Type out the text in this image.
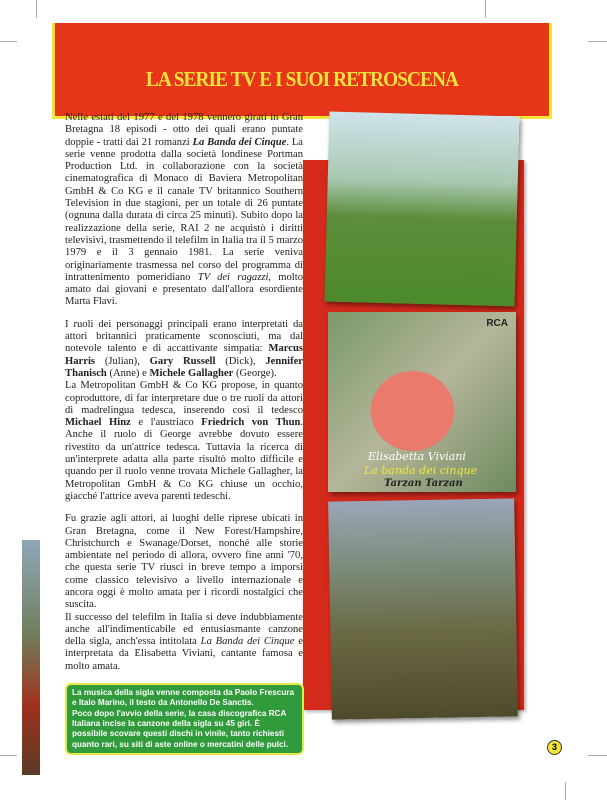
LA SERIE TV E I SUOI RETROSCENA

Nelle estati del 1977 e del 1978 vennero girati in Gran Bretagna 18 episodi - otto dei quali erano puntate doppie - tratti dai 21 romanzi La Banda dei Cinque. La serie venne prodotta dalla società londinese Portman Production Ltd. in collaborazione con la società cinematografica di Monaco di Baviera Metropolitan GmbH & Co KG e il canale TV britannico Southern Television in due stagioni, per un totale di 26 puntate (ognuna dalla durata di circa 25 minuti). Subito dopo la realizzazione della serie, RAI 2 ne acquistò i diritti televisivi, trasmettendo il telefilm in Italia tra il 5 marzo 1979 e il 3 gennaio 1981. La serie veniva originariamente trasmessa nel corso del programma di intrattenimento pomeridiano TV dei ragazzi, molto amato dai giovani e presentato dall'allora esordiente Marta Flavi.

I ruoli dei personaggi principali erano interpretati da attori britannici praticamente sconosciuti, ma dal notevole talento e di accattivante simpatia: Marcus Harris (Julian), Gary Russell (Dick), Jennifer Thanisch (Anne) e Michele Gallagher (George).

La Metropolitan GmbH & Co KG propose, in quanto coproduttore, di far interpretare due o tre ruoli da attori di madrelingua tedesca, inserendo così il tedesco Michael Hinz e l'austriaco Friedrich von Thun. Anche il ruolo di George avrebbe dovuto essere rivestito da un'attrice tedesca. Tuttavia la ricerca di un'interprete adatta alla parte risultò molto difficile e quando per il ruolo venne trovata Michele Gallagher, la Metropolitan GmbH & Co KG chiuse un occhio, giacché l'attrice aveva parenti tedeschi.

Fu grazie agli attori, ai luoghi delle riprese ubicati in Gran Bretagna, come il New Forest/Hampshire, Christchurch e Swanage/Dorset, nonché alle storie ambientate nel periodo di allora, ovvero fine anni '70, che questa serie TV riuscì in breve tempo a imporsi come classico televisivo a livello internazionale e ancora oggi è molto amata per i ricordi nostalgici che suscita.

Il successo del telefilm in Italia si deve indubbiamente anche all'indimenticabile ed entusiasmante canzone della sigla, anch'essa intitolata La Banda dei Cinque e interpretata da Elisabetta Viviani, cantante famosa e molto amata.

La musica della sigla venne composta da Paolo Frescura e Italo Marino, il testo da Antonello De Sanctis.
Poco dopo l'avvio della serie, la casa discografica RCA Italiana incise la canzone della sigla su 45 giri. È possibile scovare questi dischi in vinile, tanto richiesti quanto rari, su siti di aste online o mercatini delle pulci.
RCA
Elisabetta Viviani
La banda dei cinque
Tarzan Tarzan
3
